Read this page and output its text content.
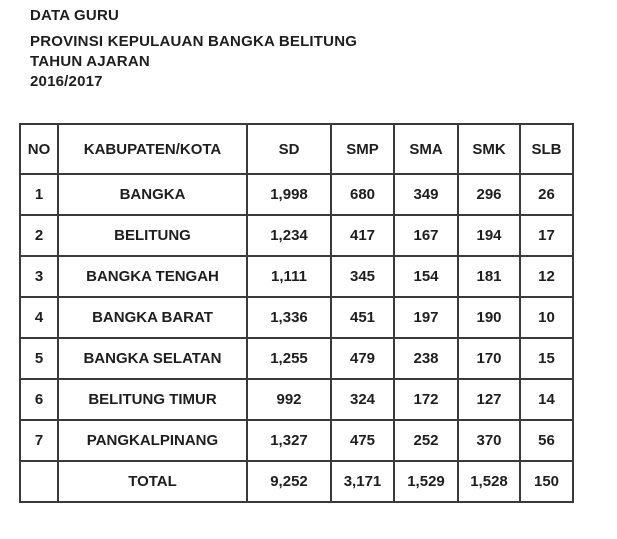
DATA GURU
PROVINSI KEPULAUAN BANGKA BELITUNG
TAHUN AJARAN
2016/2017
NO	KABUPATEN/KOTA	SD	SMP	SMA	SMK	SLB
1	BANGKA	1,998	680	349	296	26
2	BELITUNG	1,234	417	167	194	17
3	BANGKA TENGAH	1,111	345	154	181	12
4	BANGKA BARAT	1,336	451	197	190	10
5	BANGKA SELATAN	1,255	479	238	170	15
6	BELITUNG TIMUR	992	324	172	127	14
7	PANGKALPINANG	1,327	475	252	370	56
	TOTAL	9,252	3,171	1,529	1,528	150
